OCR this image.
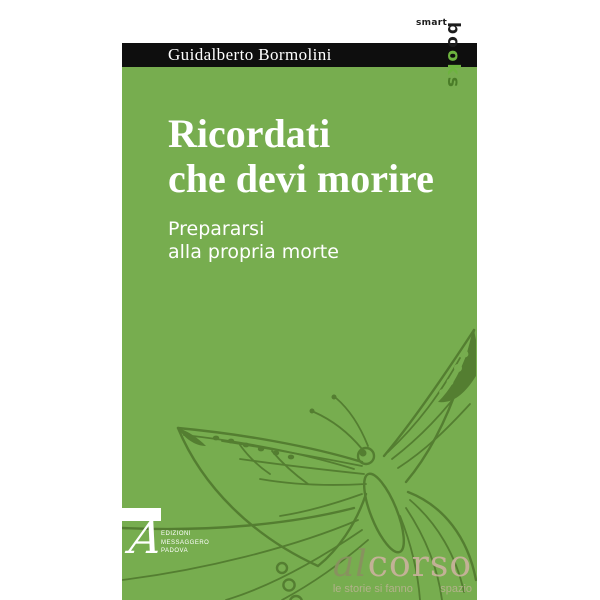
smart
books
Guidalberto Bormolini
Ricordati
che devi morire
Prepararsi
alla propria morte
A
EDIZIONI
MESSAGGERO
PADOVA	alcorso
le storie si fanno spazio
